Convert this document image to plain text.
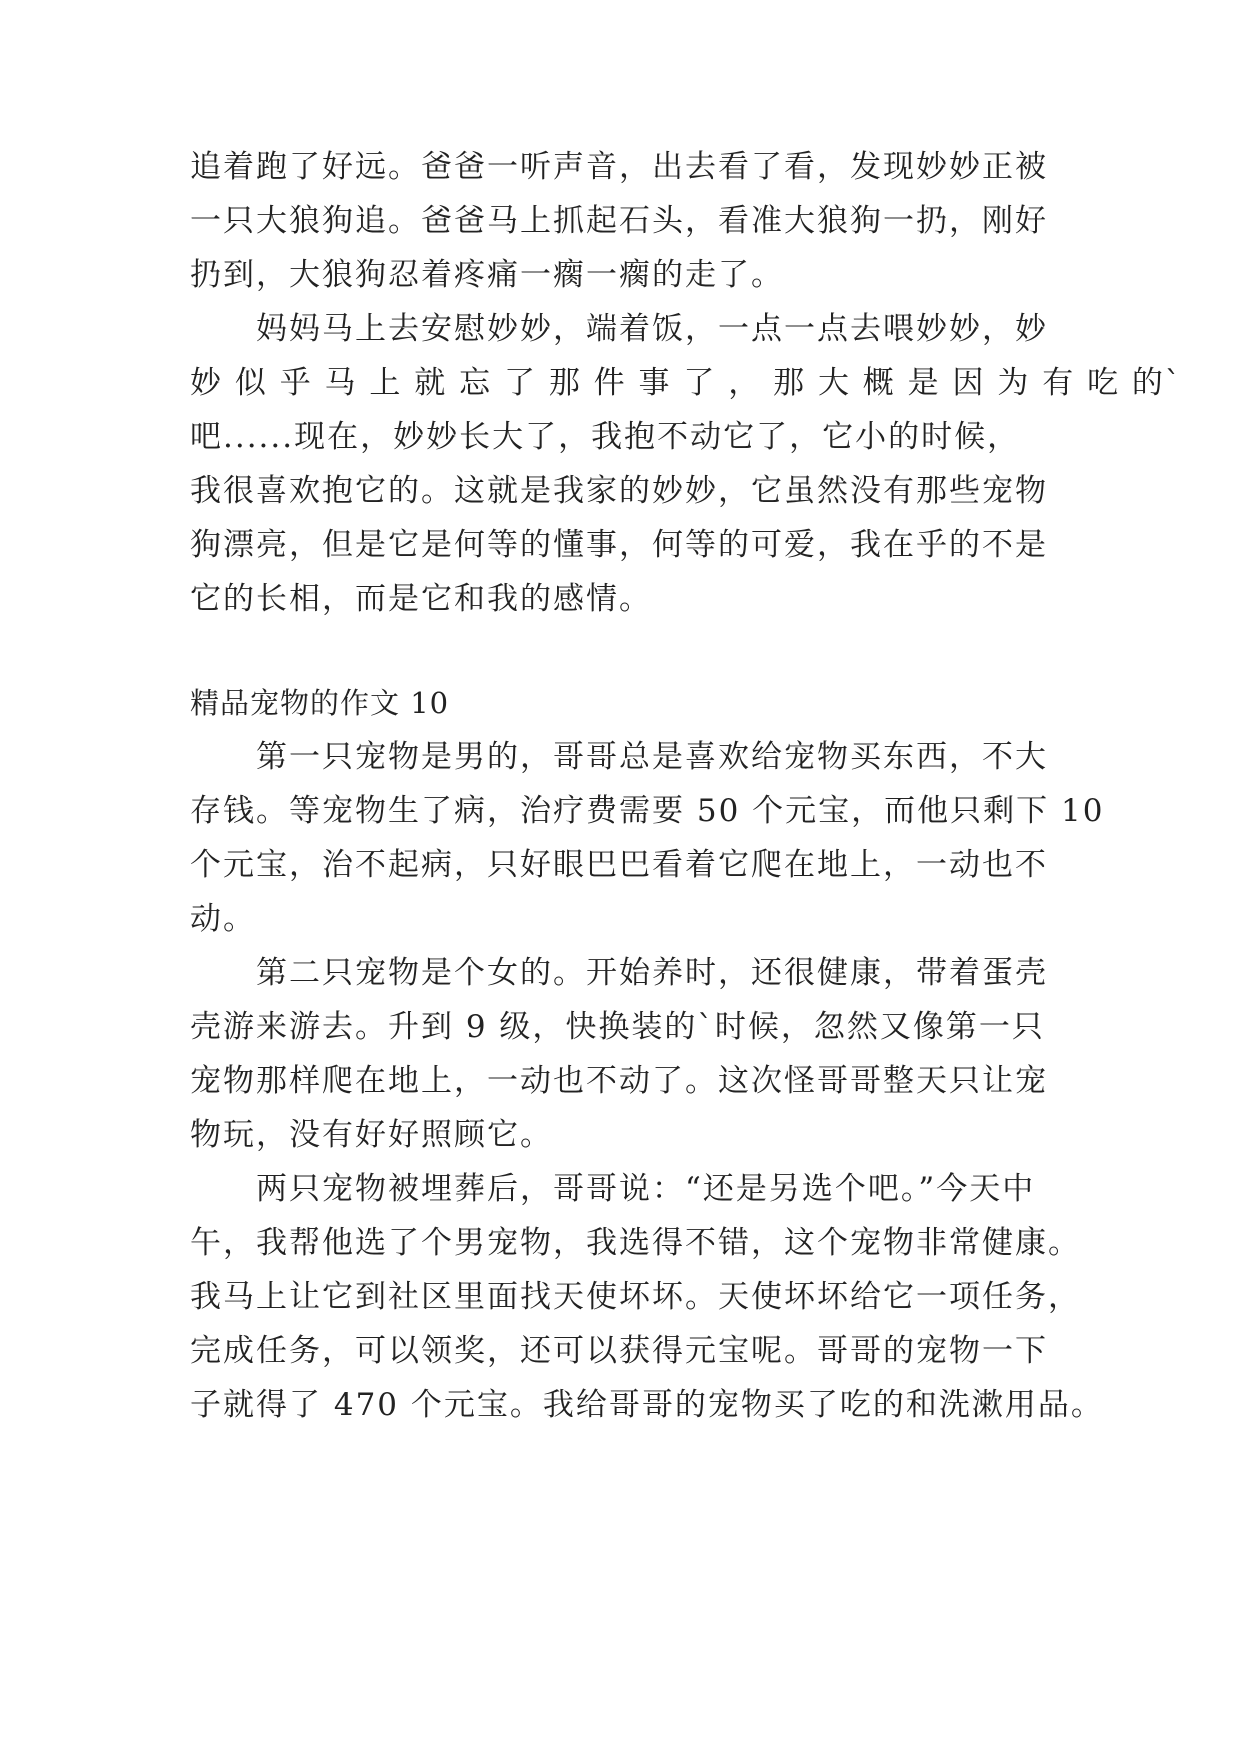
追着跑了好远。爸爸一听声音，出去看了看，发现妙妙正被
一只大狼狗追。爸爸马上抓起石头，看准大狼狗一扔，刚好
扔到，大狼狗忍着疼痛一瘸一瘸的走了。
妈妈马上去安慰妙妙，端着饭，一点一点去喂妙妙，妙
妙 似 乎 马 上 就 忘 了 那 件 事 了 ， 那 大 概 是 因 为 有 吃 的`
吧......现在，妙妙长大了，我抱不动它了，它小的时候，
我很喜欢抱它的。这就是我家的妙妙，它虽然没有那些宠物
狗漂亮，但是它是何等的懂事，何等的可爱，我在乎的不是
它的长相，而是它和我的感情。
精品宠物的作文 10
第一只宠物是男的，哥哥总是喜欢给宠物买东西，不大
存钱。等宠物生了病，治疗费需要 50 个元宝，而他只剩下 10
个元宝，治不起病，只好眼巴巴看着它爬在地上，一动也不
动。
第二只宠物是个女的。开始养时，还很健康，带着蛋壳
壳游来游去。升到 9 级，快换装的`时候，忽然又像第一只
宠物那样爬在地上，一动也不动了。这次怪哥哥整天只让宠
物玩，没有好好照顾它。
两只宠物被埋葬后，哥哥说：“还是另选个吧。”今天中
午，我帮他选了个男宠物，我选得不错，这个宠物非常健康。
我马上让它到社区里面找天使坏坏。天使坏坏给它一项任务，
完成任务，可以领奖，还可以获得元宝呢。哥哥的宠物一下
子就得了 470 个元宝。我给哥哥的宠物买了吃的和洗漱用品。
